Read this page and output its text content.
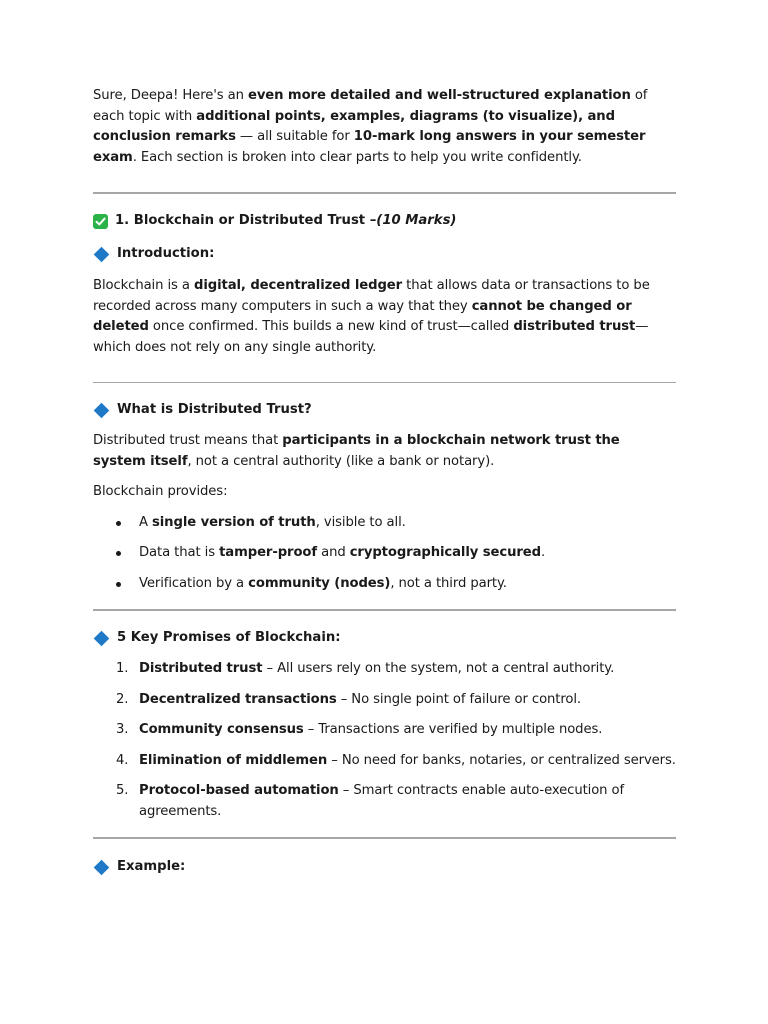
Sure, Deepa! Here's an even more detailed and well-structured explanation of each topic with additional points, examples, diagrams (to visualize), and conclusion remarks — all suitable for 10-mark long answers in your semester exam. Each section is broken into clear parts to help you write confidently.

1. Blockchain or Distributed Trust – (10 Marks)
Introduction:

Blockchain is a digital, decentralized ledger that allows data or transactions to be recorded across many computers in such a way that they cannot be changed or deleted once confirmed. This builds a new kind of trust—called distributed trust—which does not rely on any single authority.

What is Distributed Trust?

Distributed trust means that participants in a blockchain network trust the system itself, not a central authority (like a bank or notary).

Blockchain provides:

A single version of truth, visible to all.
Data that is tamper-proof and cryptographically secured.
Verification by a community (nodes), not a third party.
5 Key Promises of Blockchain:
1. Distributed trust – All users rely on the system, not a central authority.
2. Decentralized transactions – No single point of failure or control.
3. Community consensus – Transactions are verified by multiple nodes.
4. Elimination of middlemen – No need for banks, notaries, or centralized servers.
5. Protocol-based automation – Smart contracts enable auto-execution of agreements.
Example:
